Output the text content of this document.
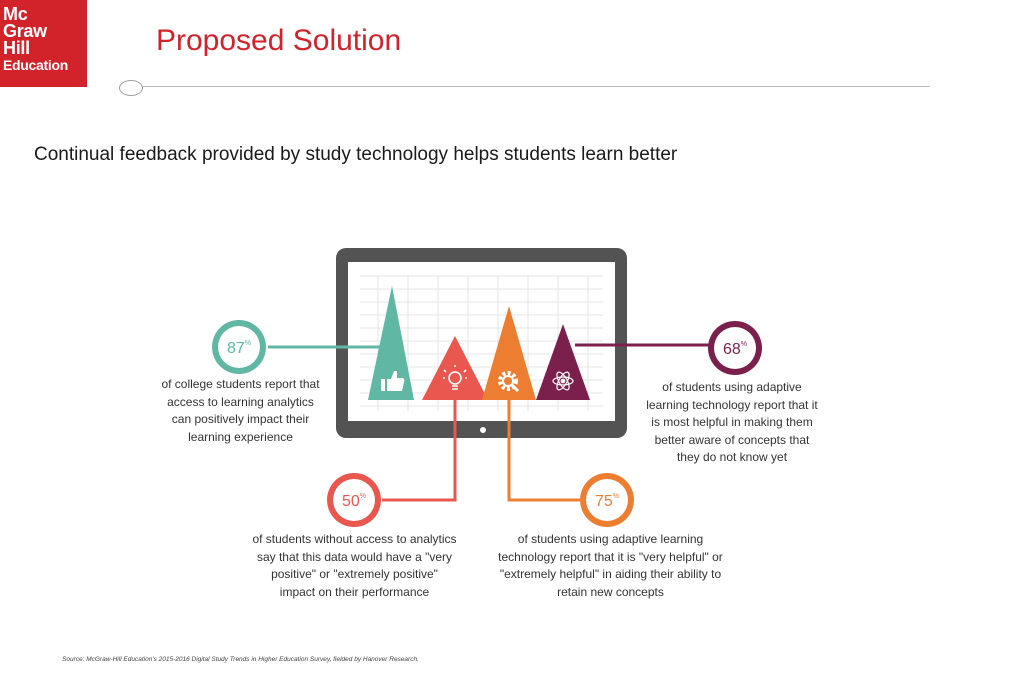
Mc
Graw
Hill
Education
Proposed Solution
Continual feedback provided by study technology helps students learn better
87%	68%
50%	75%

of college students report that access to learning analytics can positively impact their learning experience

of students using adaptive learning technology report that it is most helpful in making them better aware of concepts that they do not know yet

of students without access to analytics say that this data would have a "very positive" or "extremely positive" impact on their performance

of students using adaptive learning technology report that it is "very helpful" or "extremely helpful" in aiding their ability to retain new concepts

Source: McGraw-Hill Education's 2015-2016 Digital Study Trends in Higher Education Survey, fielded by Hanover Research.
